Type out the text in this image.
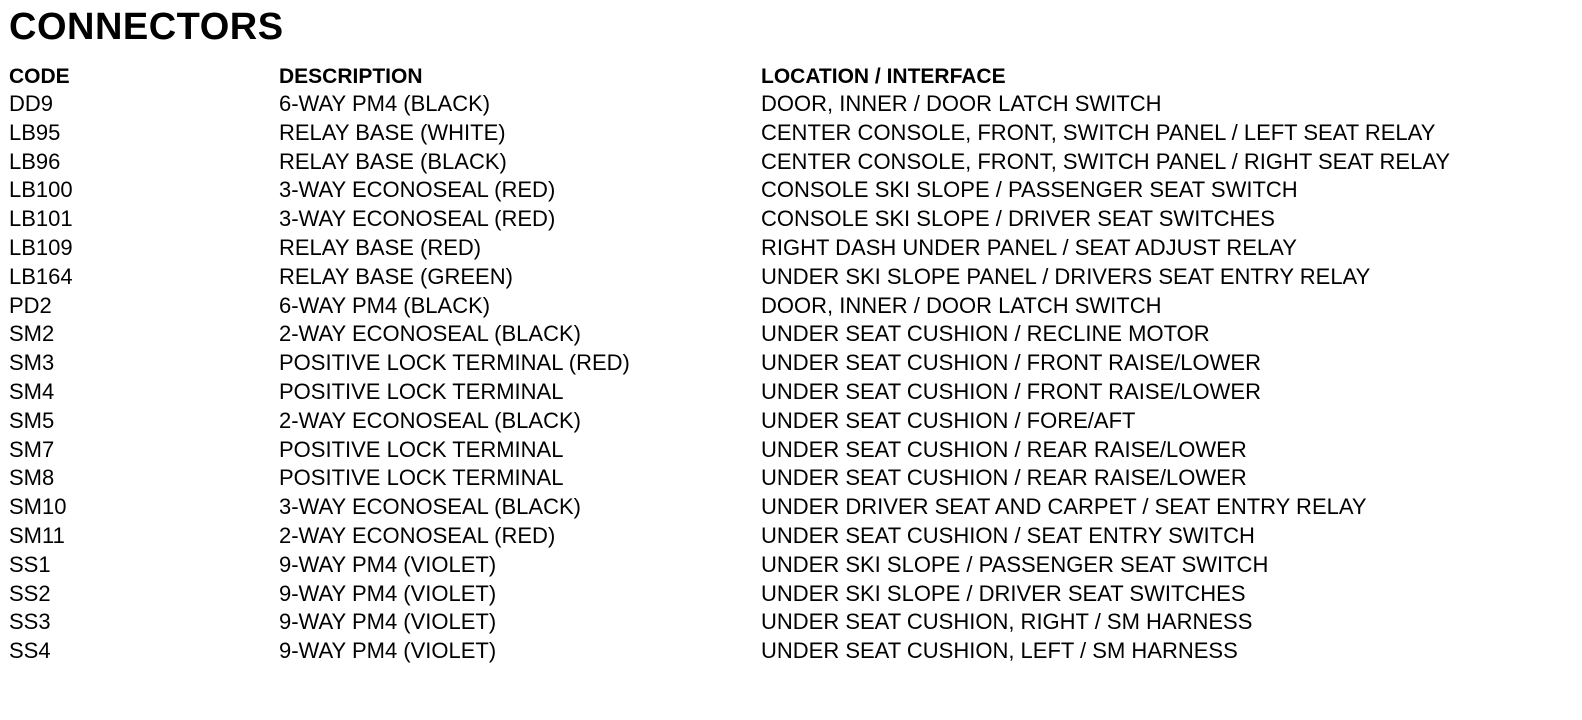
CONNECTORS
CODE	DESCRIPTION	LOCATION / INTERFACE
DD9	6-WAY PM4 (BLACK)	DOOR, INNER / DOOR LATCH SWITCH
LB95	RELAY BASE (WHITE)	CENTER CONSOLE, FRONT, SWITCH PANEL / LEFT SEAT RELAY
LB96	RELAY BASE (BLACK)	CENTER CONSOLE, FRONT, SWITCH PANEL / RIGHT SEAT RELAY
LB100	3-WAY ECONOSEAL (RED)	CONSOLE SKI SLOPE / PASSENGER SEAT SWITCH
LB101	3-WAY ECONOSEAL (RED)	CONSOLE SKI SLOPE / DRIVER SEAT SWITCHES
LB109	RELAY BASE (RED)	RIGHT DASH UNDER PANEL / SEAT ADJUST RELAY
LB164	RELAY BASE (GREEN)	UNDER SKI SLOPE PANEL / DRIVERS SEAT ENTRY RELAY
PD2	6-WAY PM4 (BLACK)	DOOR, INNER / DOOR LATCH SWITCH
SM2	2-WAY ECONOSEAL (BLACK)	UNDER SEAT CUSHION / RECLINE MOTOR
SM3	POSITIVE LOCK TERMINAL (RED)	UNDER SEAT CUSHION / FRONT RAISE/LOWER
SM4	POSITIVE LOCK TERMINAL	UNDER SEAT CUSHION / FRONT RAISE/LOWER
SM5	2-WAY ECONOSEAL (BLACK)	UNDER SEAT CUSHION / FORE/AFT
SM7	POSITIVE LOCK TERMINAL	UNDER SEAT CUSHION / REAR RAISE/LOWER
SM8	POSITIVE LOCK TERMINAL	UNDER SEAT CUSHION / REAR RAISE/LOWER
SM10	3-WAY ECONOSEAL (BLACK)	UNDER DRIVER SEAT AND CARPET / SEAT ENTRY RELAY
SM11	2-WAY ECONOSEAL (RED)	UNDER SEAT CUSHION / SEAT ENTRY SWITCH
SS1	9-WAY PM4 (VIOLET)	UNDER SKI SLOPE / PASSENGER SEAT SWITCH
SS2	9-WAY PM4 (VIOLET)	UNDER SKI SLOPE / DRIVER SEAT SWITCHES
SS3	9-WAY PM4 (VIOLET)	UNDER SEAT CUSHION, RIGHT / SM HARNESS
SS4	9-WAY PM4 (VIOLET)	UNDER SEAT CUSHION, LEFT / SM HARNESS
